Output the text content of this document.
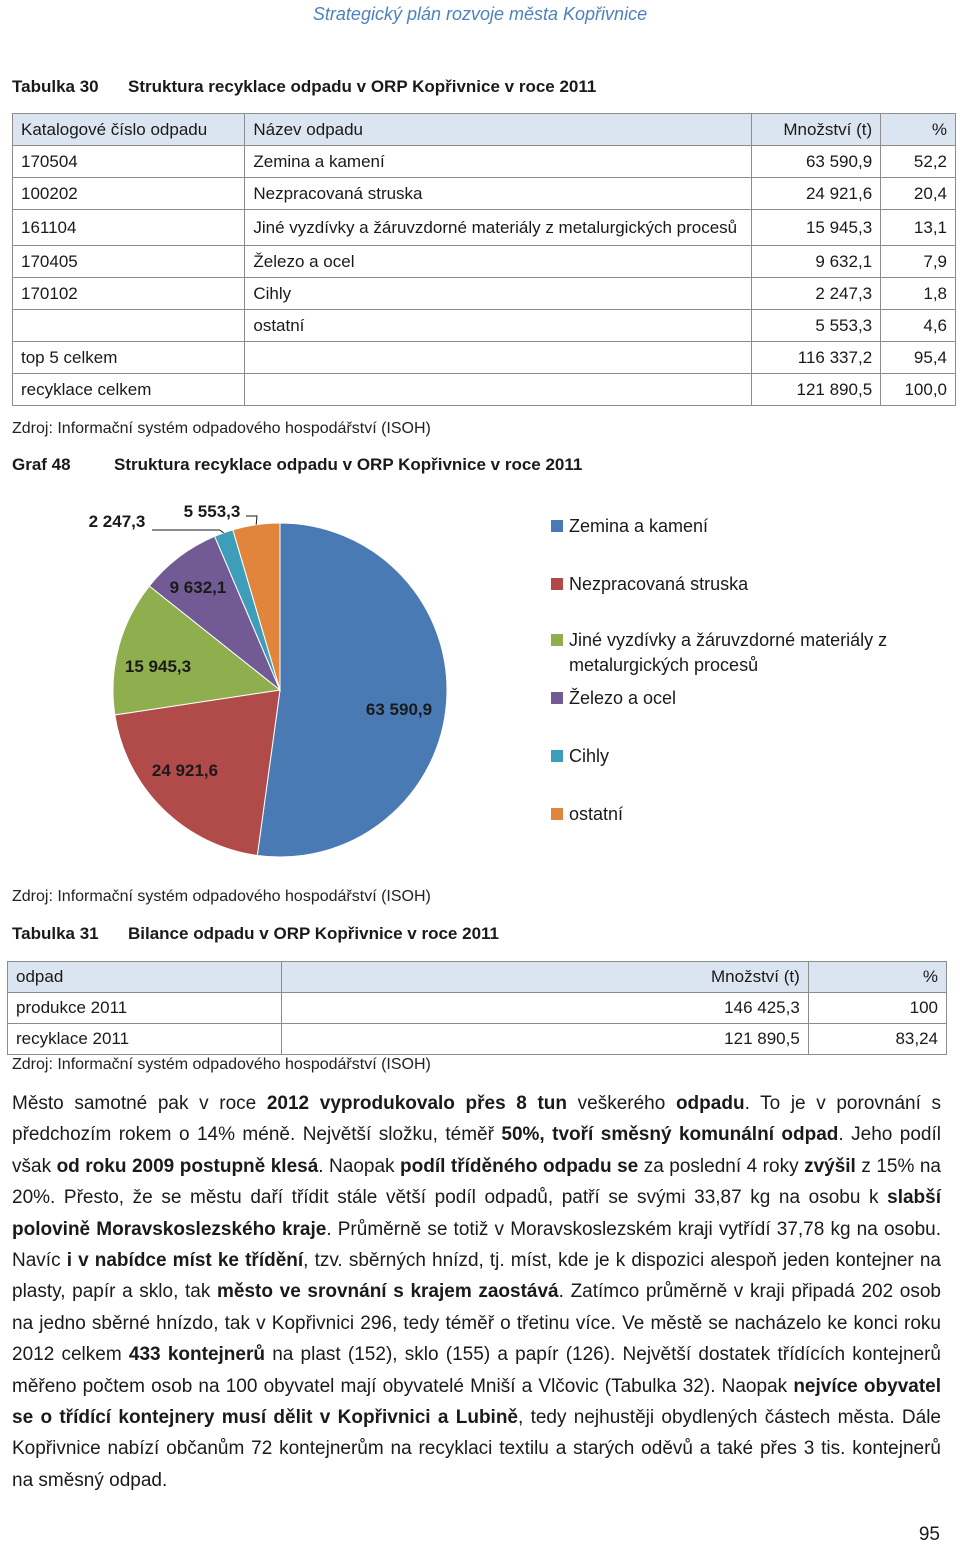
Strategický plán rozvoje města Kopřivnice
Tabulka 30	Struktura recyklace odpadu v ORP Kopřivnice v roce 2011
Katalogové číslo odpadu	Název odpadu	Množství (t)	%
170504	Zemina a kamení	63 590,9	52,2
100202	Nezpracovaná struska	24 921,6	20,4
161104	Jiné vyzdívky a žáruvzdorné materiály z metalurgických procesů	15 945,3	13,1
170405	Železo a ocel	9 632,1	7,9
170102	Cihly	2 247,3	1,8
	ostatní	5 553,3	4,6
top 5 celkem		116 337,2	95,4
recyklace celkem		121 890,5	100,0
Zdroj: Informační systém odpadového hospodářství (ISOH)
Graf 48	Struktura recyklace odpadu v ORP Kopřivnice v roce 2011
63 590,9
24 921,6
15 945,3
9 632,1
2 247,3
5 553,3
Zemina a kamení
Nezpracovaná struska
Jiné vyzdívky a žáruvzdorné materiály z metalurgických procesů
Železo a ocel
Cihly
ostatní
Zdroj: Informační systém odpadového hospodářství (ISOH)
Tabulka 31	Bilance odpadu v ORP Kopřivnice v roce 2011
odpad	Množství (t)	%
produkce 2011	146 425,3	100
recyklace 2011	121 890,5	83,24
Zdroj: Informační systém odpadového hospodářství (ISOH)
Město samotné pak v roce 2012 vyprodukovalo přes 8 tun veškerého odpadu. To je v porovnání s předchozím rokem o 14% méně. Největší složku, téměř 50%, tvoří směsný komunální odpad. Jeho podíl však od roku 2009 postupně klesá. Naopak podíl tříděného odpadu se za poslední 4 roky zvýšil z 15% na 20%. Přesto, že se městu daří třídit stále větší podíl odpadů, patří se svými 33,87 kg na osobu k slabší polovině Moravskoslezského kraje. Průměrně se totiž v Moravskoslezském kraji vytřídí 37,78 kg na osobu. Navíc i v nabídce míst ke třídění, tzv. sběrných hnízd, tj. míst, kde je k dispozici alespoň jeden kontejner na plasty, papír a sklo, tak město ve srovnání s krajem zaostává. Zatímco průměrně v kraji připadá 202 osob na jedno sběrné hnízdo, tak v Kopřivnici 296, tedy téměř o třetinu více. Ve městě se nacházelo ke konci roku 2012 celkem 433 kontejnerů na plast (152), sklo (155) a papír (126). Největší dostatek třídících kontejnerů měřeno počtem osob na 100 obyvatel mají obyvatelé Mniší a Vlčovic (Tabulka 32). Naopak nejvíce obyvatel se o třídící kontejnery musí dělit v Kopřivnici a Lubině, tedy nejhustěji obydlených částech města. Dále Kopřivnice nabízí občanům 72 kontejnerům na recyklaci textilu a starých oděvů a také přes 3 tis. kontejnerů na směsný odpad.
95
